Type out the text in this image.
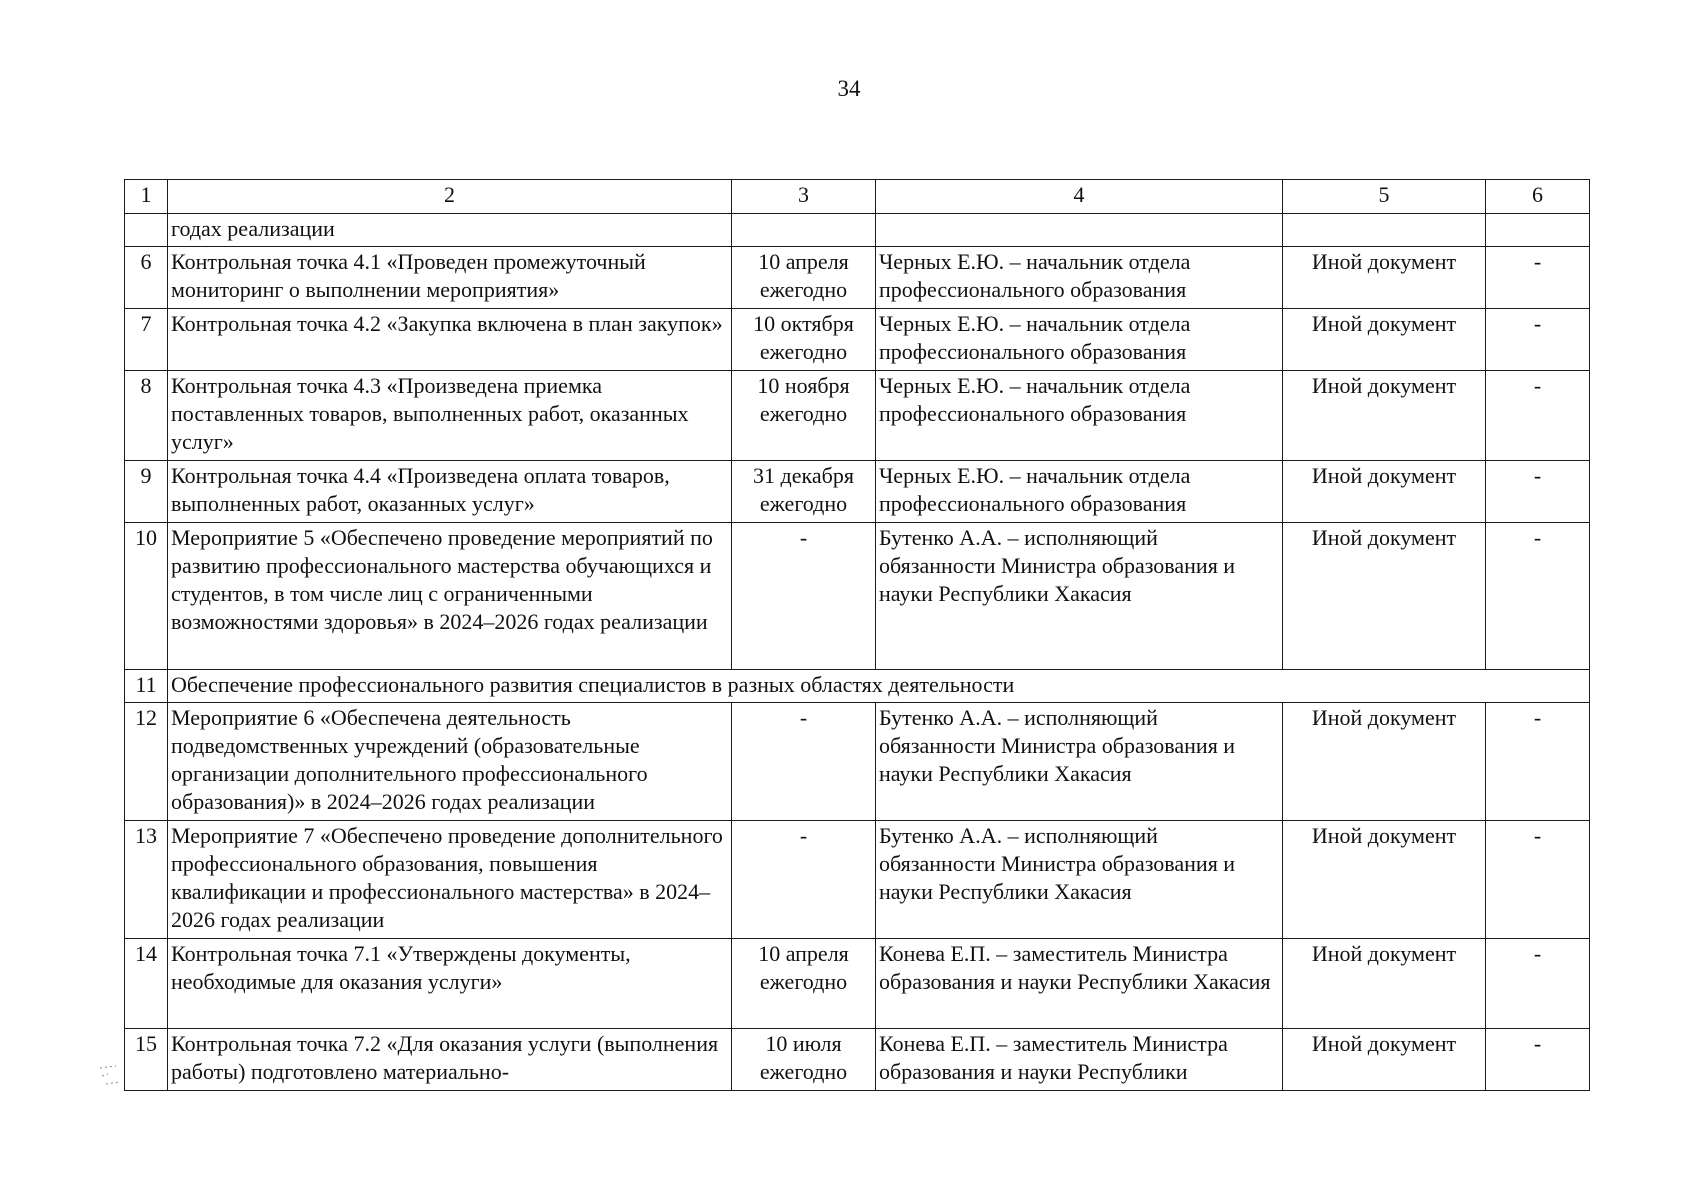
34
1	2	3	4	5	6
	годах реализации				
6	Контрольная точка 4.1 «Проведен промежуточный мониторинг о выполнении мероприятия»	10 апреля ежегодно	Черных Е.Ю. – начальник отдела профессионального образования	Иной документ	-
7	Контрольная точка 4.2 «Закупка включена в план закупок»	10 октября ежегодно	Черных Е.Ю. – начальник отдела профессионального образования	Иной документ	-
8	Контрольная точка 4.3 «Произведена приемка поставленных товаров, выполненных работ, оказанных услуг»	10 ноября ежегодно	Черных Е.Ю. – начальник отдела профессионального образования	Иной документ	-
9	Контрольная точка 4.4 «Произведена оплата товаров, выполненных работ, оказанных услуг»	31 декабря ежегодно	Черных Е.Ю. – начальник отдела профессионального образования	Иной документ	-
10	Мероприятие 5 «Обеспечено проведение мероприятий по развитию профессионального мастерства обучающихся и студентов, в том числе лиц с ограниченными возможностями здоровья» в 2024–2026 годах реализации	-	Бутенко А.А. – исполняющий обязанности Министра образования и науки Республики Хакасия	Иной документ	-
11	Обеспечение профессионального развития специалистов в разных областях деятельности				
12	Мероприятие 6 «Обеспечена деятельность подведомственных учреждений (образовательные организации дополнительного профессионального образования)» в 2024–2026 годах реализации	-	Бутенко А.А. – исполняющий обязанности Министра образования и науки Республики Хакасия	Иной документ	-
13	Мероприятие 7 «Обеспечено проведение дополнительного профессионального образования, повышения квалификации и профессионального мастерства» в 2024–2026 годах реализации	-	Бутенко А.А. – исполняющий обязанности Министра образования и науки Республики Хакасия	Иной документ	-
14	Контрольная точка 7.1 «Утверждены документы, необходимые для оказания услуги»	10 апреля ежегодно	Конева Е.П. – заместитель Министра образования и науки Республики Хакасия	Иной документ	-
15	Контрольная точка 7.2 «Для оказания услуги (выполнения работы) подготовлено материально-	10 июля ежегодно	Конева Е.П. – заместитель Министра образования и науки Республики	Иной документ	-
